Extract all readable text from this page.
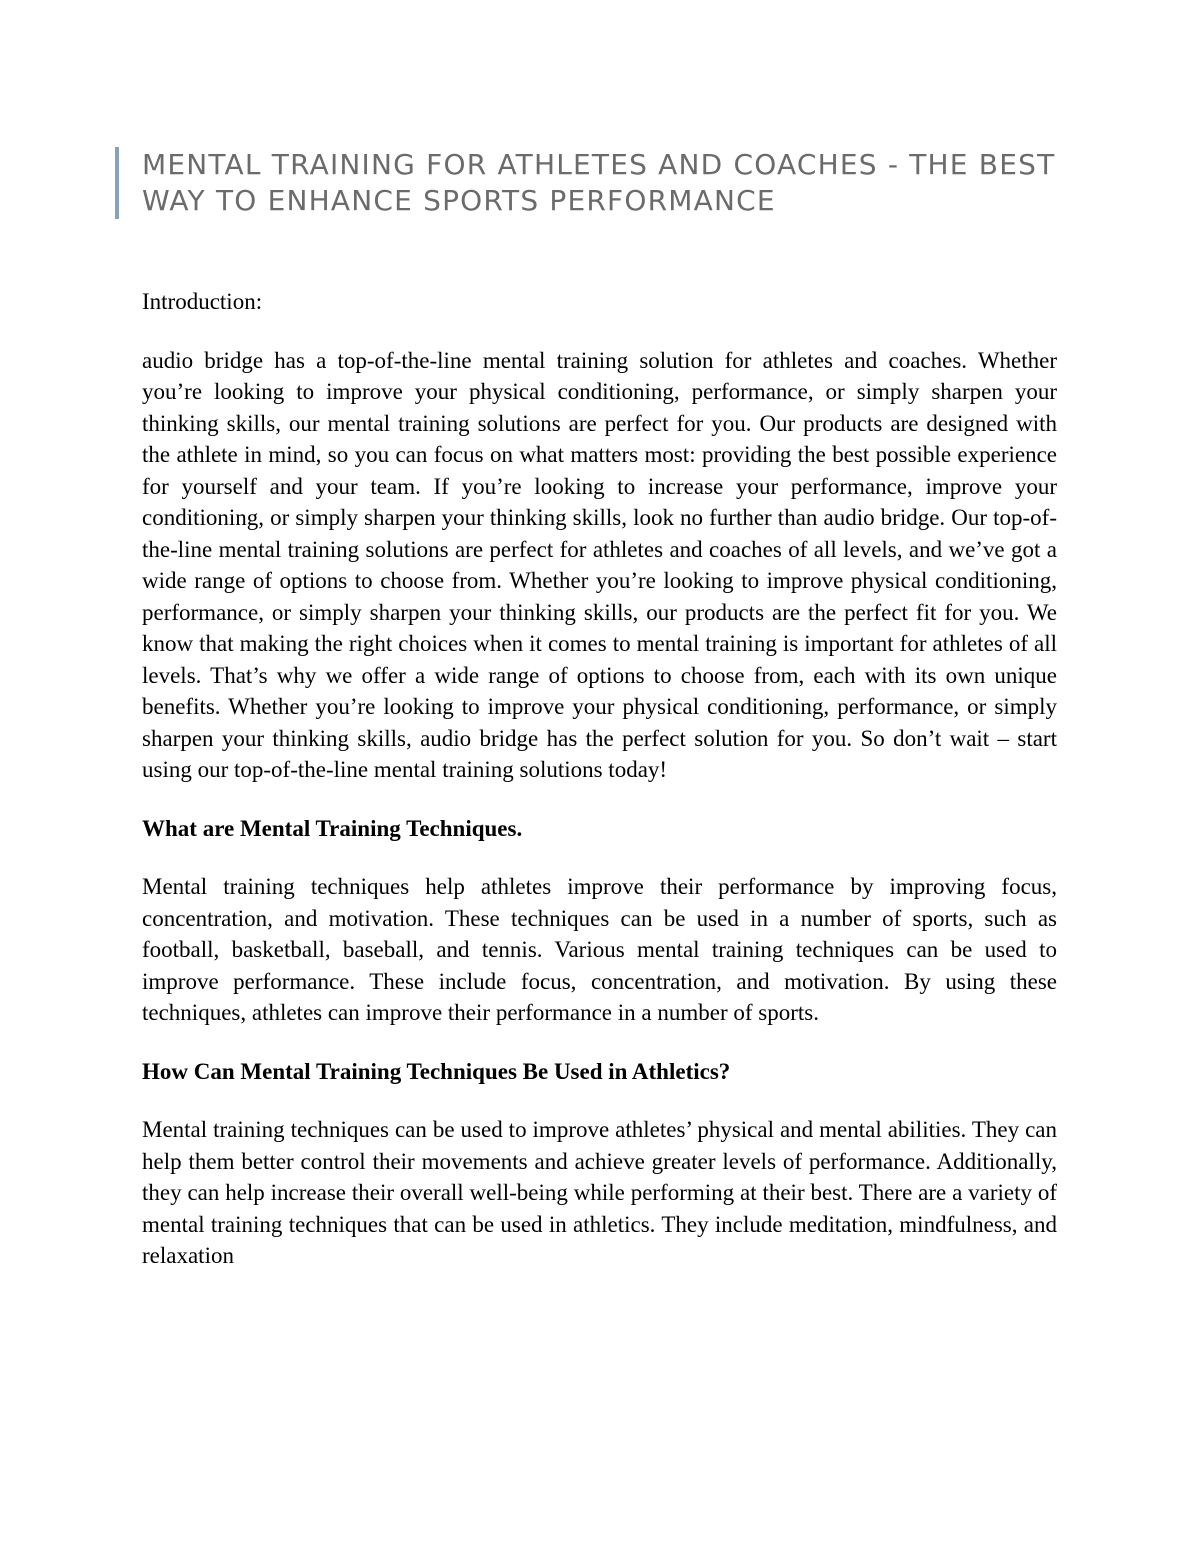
MENTAL TRAINING FOR ATHLETES AND COACHES - THE BEST WAY TO ENHANCE SPORTS PERFORMANCE

Introduction:

audio bridge has a top-of-the-line mental training solution for athletes and coaches. Whether you’re looking to improve your physical conditioning, performance, or simply sharpen your thinking skills, our mental training solutions are perfect for you. Our products are designed with the athlete in mind, so you can focus on what matters most: providing the best possible experience for yourself and your team. If you’re looking to increase your performance, improve your conditioning, or simply sharpen your thinking skills, look no further than audio bridge. Our top-of-the-line mental training solutions are perfect for athletes and coaches of all levels, and we’ve got a wide range of options to choose from. Whether you’re looking to improve physical conditioning, performance, or simply sharpen your thinking skills, our products are the perfect fit for you. We know that making the right choices when it comes to mental training is important for athletes of all levels. That’s why we offer a wide range of options to choose from, each with its own unique benefits. Whether you’re looking to improve your physical conditioning, performance, or simply sharpen your thinking skills, audio bridge has the perfect solution for you. So don’t wait – start using our top-of-the-line mental training solutions today!

What are Mental Training Techniques.

Mental training techniques help athletes improve their performance by improving focus, concentration, and motivation. These techniques can be used in a number of sports, such as football, basketball, baseball, and tennis. Various mental training techniques can be used to improve performance. These include focus, concentration, and motivation. By using these techniques, athletes can improve their performance in a number of sports.

How Can Mental Training Techniques Be Used in Athletics?

Mental training techniques can be used to improve athletes’ physical and mental abilities. They can help them better control their movements and achieve greater levels of performance. Additionally, they can help increase their overall well-being while performing at their best. There are a variety of mental training techniques that can be used in athletics. They include meditation, mindfulness, and relaxation
